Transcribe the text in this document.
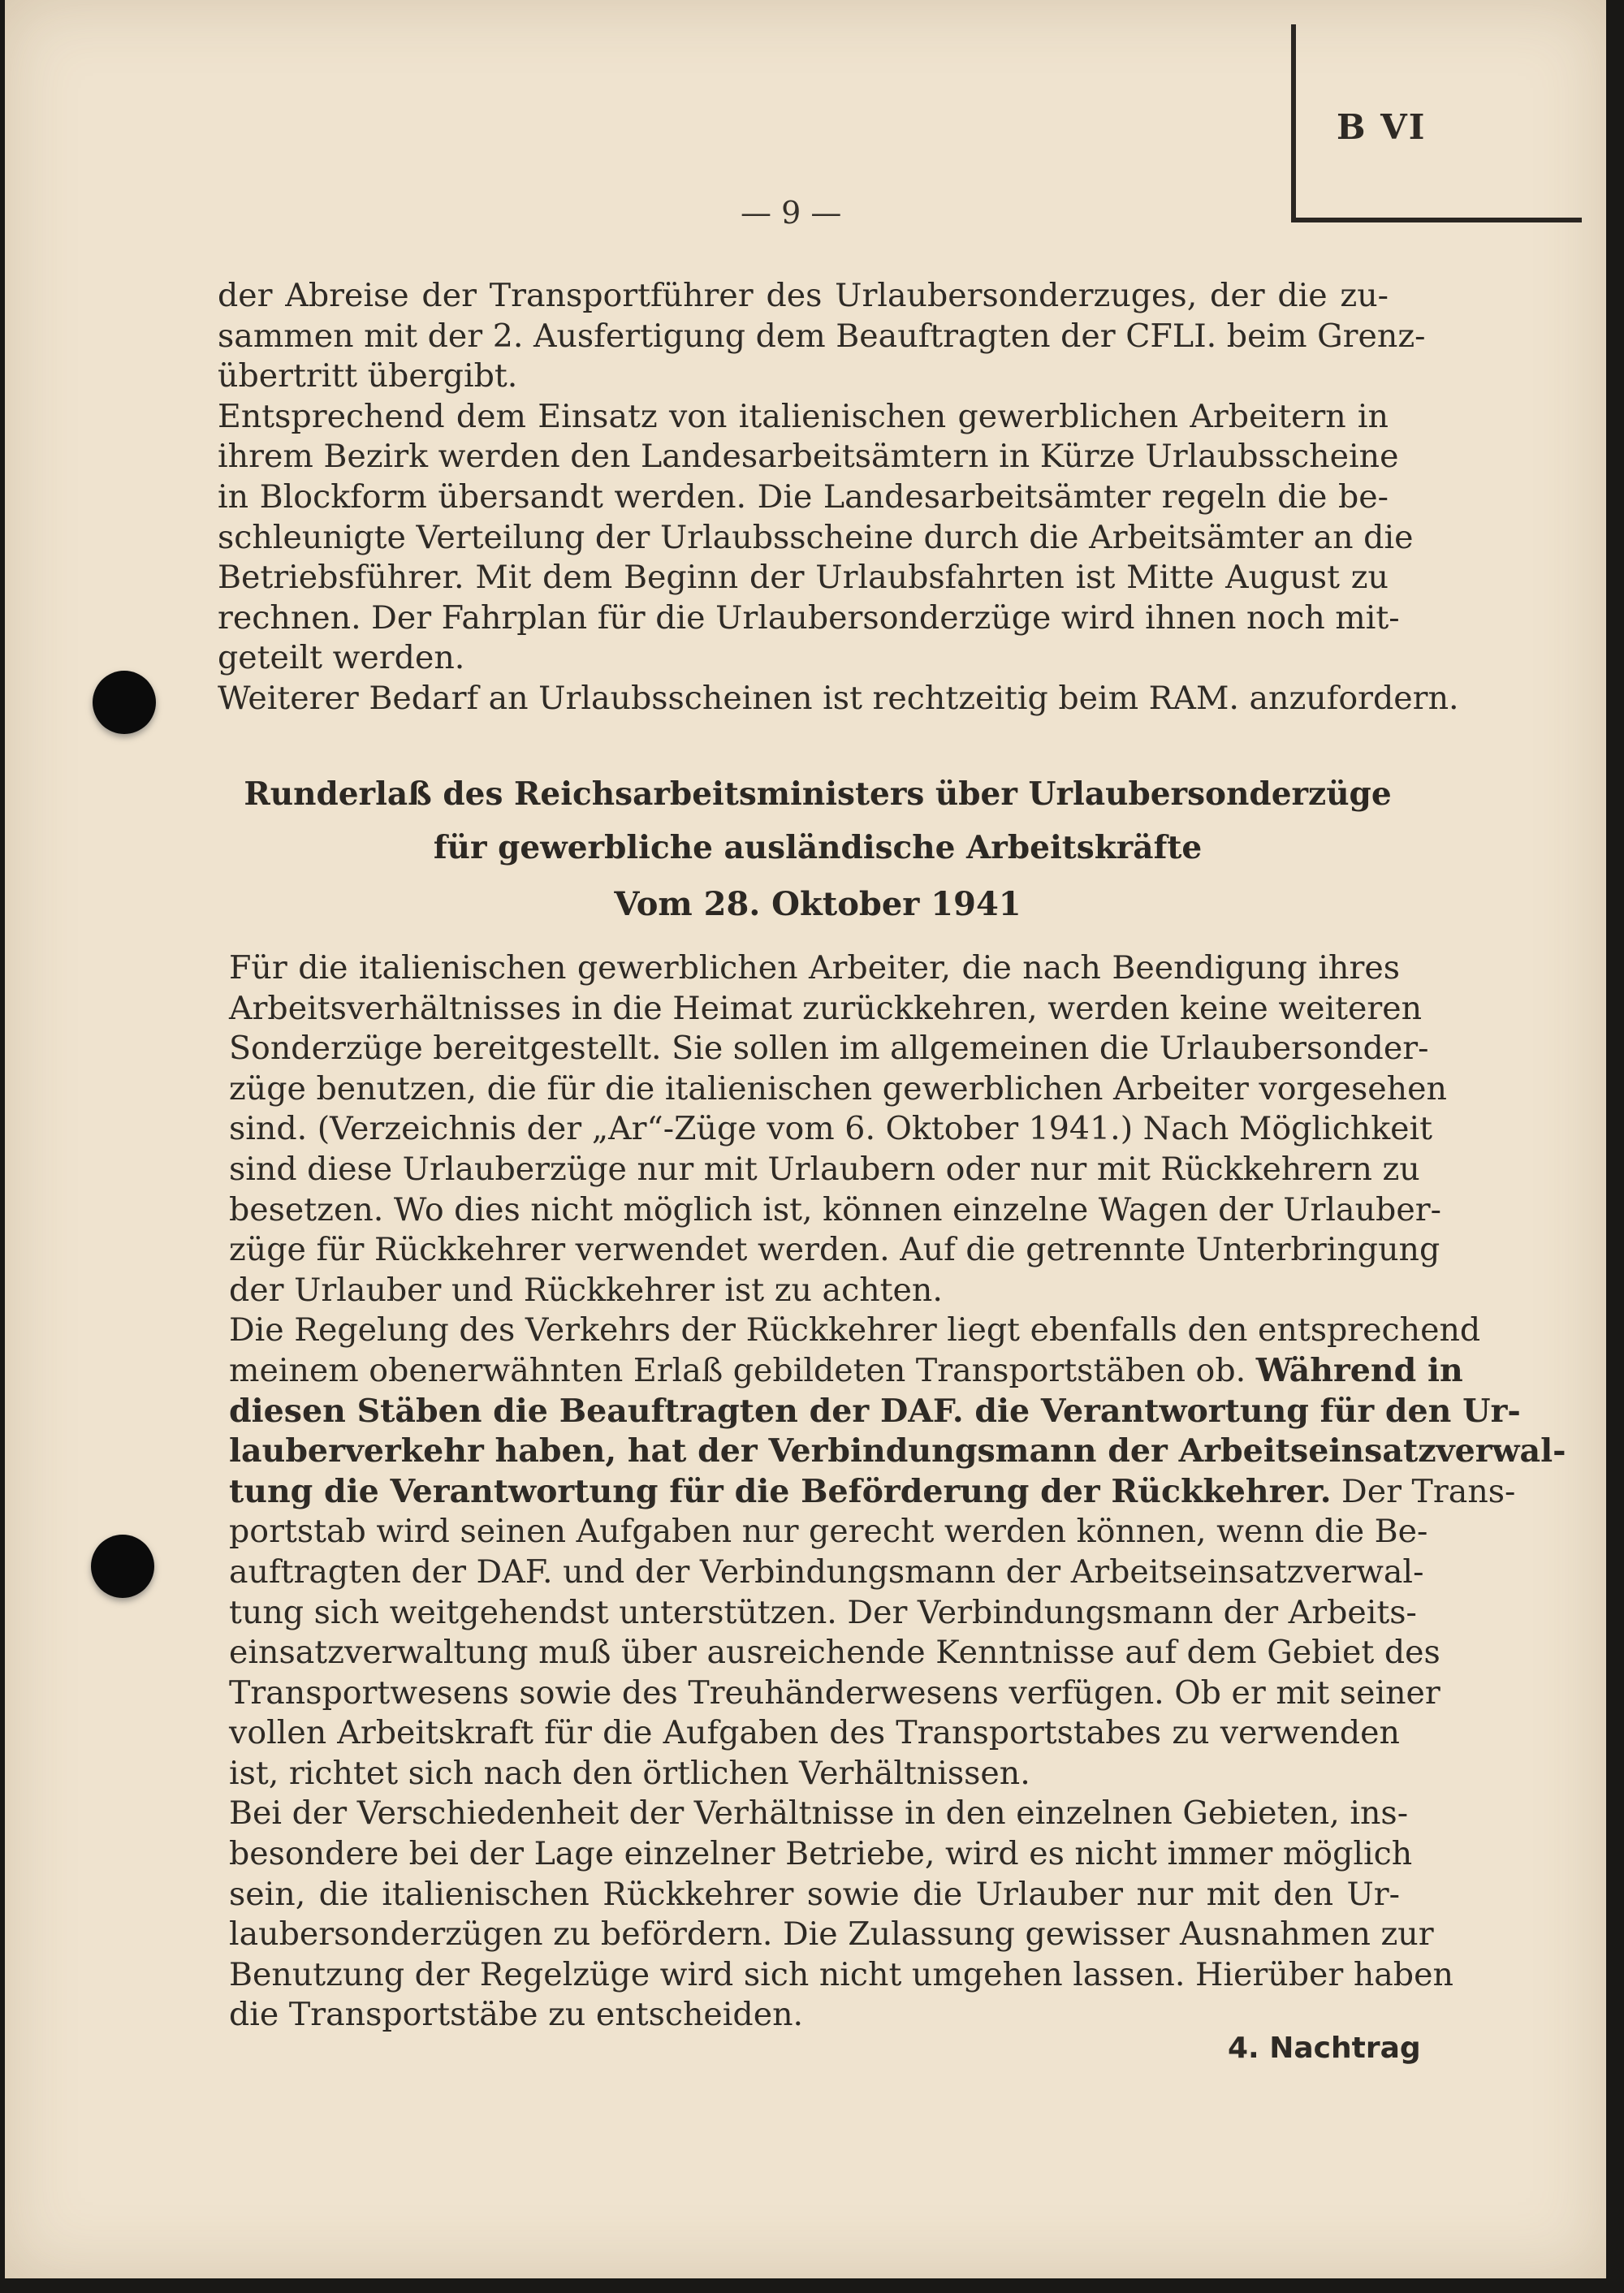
B VI
— 9 —
der Abreise der Transportführer des Urlaubersonderzuges, der die zu-
sammen mit der 2. Ausfertigung dem Beauftragten der CFLI. beim Grenz-
übertritt übergibt.
Entsprechend dem Einsatz von italienischen gewerblichen Arbeitern in
ihrem Bezirk werden den Landesarbeitsämtern in Kürze Urlaubsscheine
in Blockform übersandt werden. Die Landesarbeitsämter regeln die be-
schleunigte Verteilung der Urlaubsscheine durch die Arbeitsämter an die
Betriebsführer. Mit dem Beginn der Urlaubsfahrten ist Mitte August zu
rechnen. Der Fahrplan für die Urlaubersonderzüge wird ihnen noch mit-
geteilt werden.
Weiterer Bedarf an Urlaubsscheinen ist rechtzeitig beim RAM. anzufordern.
Runderlaß des Reichsarbeitsministers über Urlaubersonderzüge
für gewerbliche ausländische Arbeitskräfte
Vom 28. Oktober 1941
Für die italienischen gewerblichen Arbeiter, die nach Beendigung ihres
Arbeitsverhältnisses in die Heimat zurückkehren, werden keine weiteren
Sonderzüge bereitgestellt. Sie sollen im allgemeinen die Urlaubersonder-
züge benutzen, die für die italienischen gewerblichen Arbeiter vorgesehen
sind. (Verzeichnis der „Ar“-Züge vom 6. Oktober 1941.) Nach Möglichkeit
sind diese Urlauberzüge nur mit Urlaubern oder nur mit Rückkehrern zu
besetzen. Wo dies nicht möglich ist, können einzelne Wagen der Urlauber-
züge für Rückkehrer verwendet werden. Auf die getrennte Unterbringung
der Urlauber und Rückkehrer ist zu achten.
Die Regelung des Verkehrs der Rückkehrer liegt ebenfalls den entsprechend
meinem obenerwähnten Erlaß gebildeten Transportstäben ob. Während in
diesen Stäben die Beauftragten der DAF. die Verantwortung für den Ur-
lauberverkehr haben, hat der Verbindungsmann der Arbeitseinsatzverwal-
tung die Verantwortung für die Beförderung der Rückkehrer. Der Trans-
portstab wird seinen Aufgaben nur gerecht werden können, wenn die Be-
auftragten der DAF. und der Verbindungsmann der Arbeitseinsatzverwal-
tung sich weitgehendst unterstützen. Der Verbindungsmann der Arbeits-
einsatzverwaltung muß über ausreichende Kenntnisse auf dem Gebiet des
Transportwesens sowie des Treuhänderwesens verfügen. Ob er mit seiner
vollen Arbeitskraft für die Aufgaben des Transportstabes zu verwenden
ist, richtet sich nach den örtlichen Verhältnissen.
Bei der Verschiedenheit der Verhältnisse in den einzelnen Gebieten, ins-
besondere bei der Lage einzelner Betriebe, wird es nicht immer möglich
sein, die italienischen Rückkehrer sowie die Urlauber nur mit den Ur-
laubersonderzügen zu befördern. Die Zulassung gewisser Ausnahmen zur
Benutzung der Regelzüge wird sich nicht umgehen lassen. Hierüber haben
die Transportstäbe zu entscheiden.
4. Nachtrag
